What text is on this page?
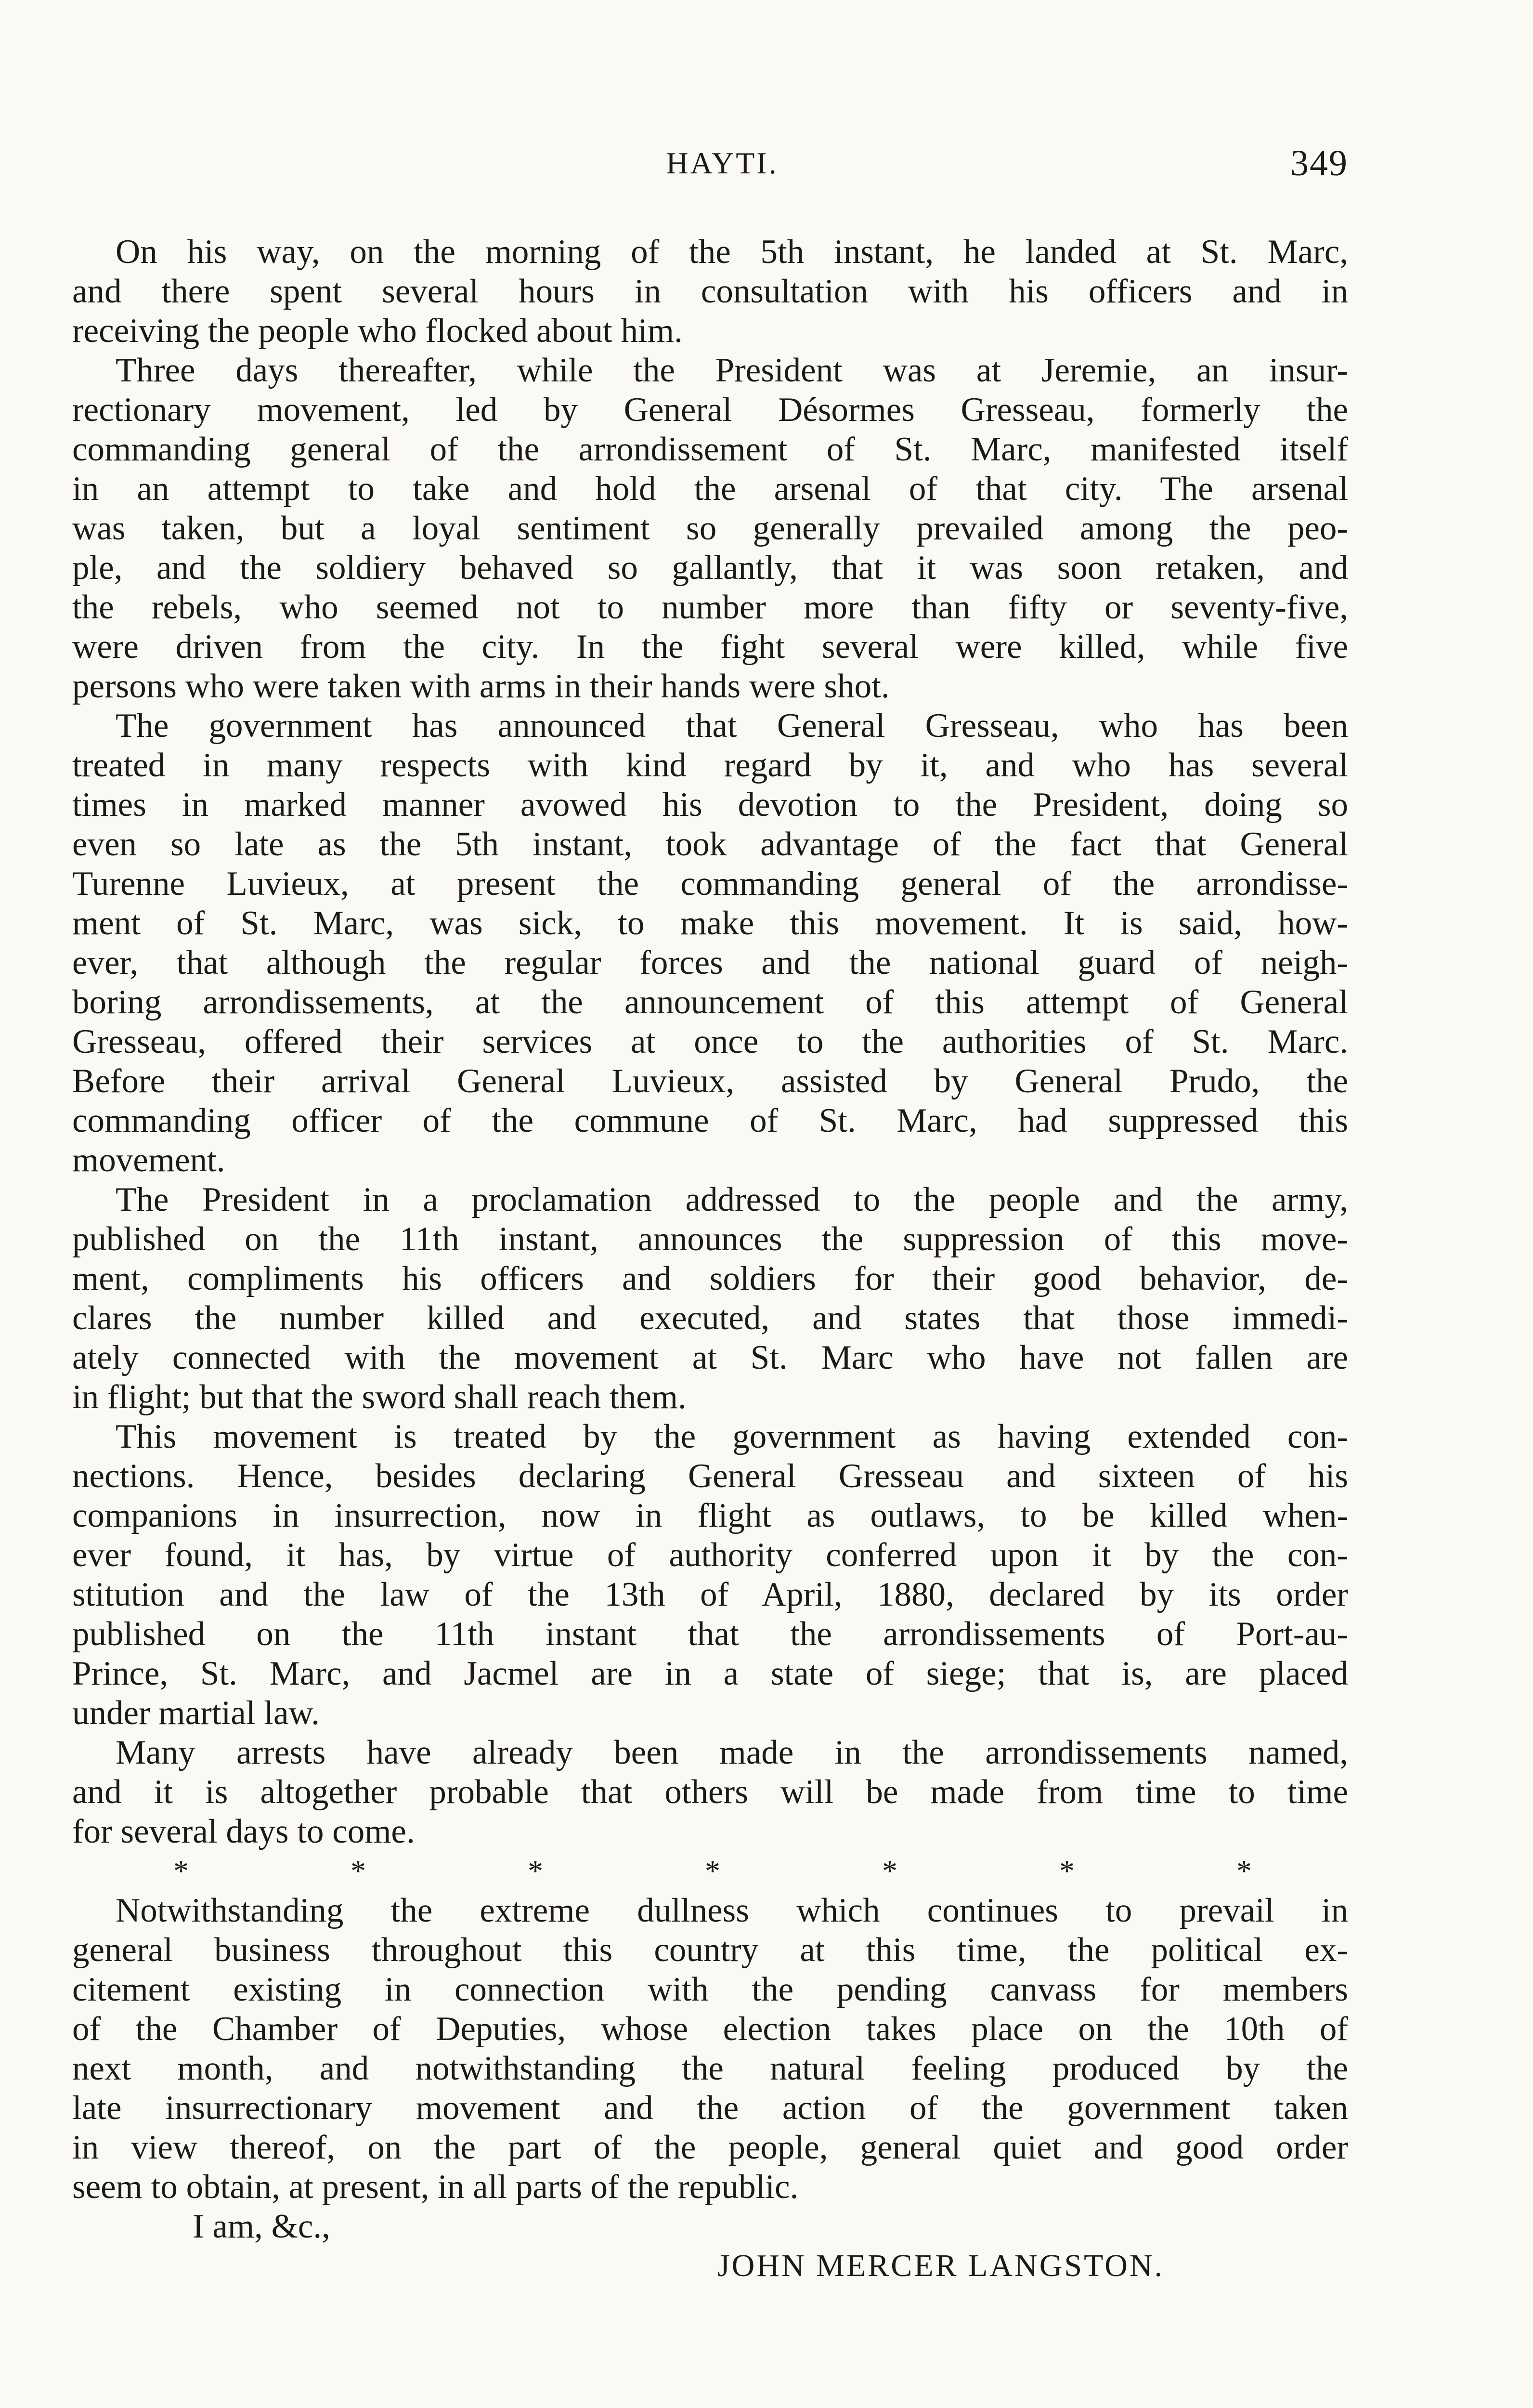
HAYTI.	349
On his way, on the morning of the 5th instant, he landed at St. Marc,
and there spent several hours in consultation with his officers and in
receiving the people who flocked about him.
Three days thereafter, while the President was at Jeremie, an insur-
rectionary movement, led by General Désormes Gresseau, formerly the
commanding general of the arrondissement of St. Marc, manifested itself
in an attempt to take and hold the arsenal of that city. The arsenal
was taken, but a loyal sentiment so generally prevailed among the peo-
ple, and the soldiery behaved so gallantly, that it was soon retaken, and
the rebels, who seemed not to number more than fifty or seventy-five,
were driven from the city. In the fight several were killed, while five
persons who were taken with arms in their hands were shot.
The government has announced that General Gresseau, who has been
treated in many respects with kind regard by it, and who has several
times in marked manner avowed his devotion to the President, doing so
even so late as the 5th instant, took advantage of the fact that General
Turenne Luvieux, at present the commanding general of the arrondisse-
ment of St. Marc, was sick, to make this movement. It is said, how-
ever, that although the regular forces and the national guard of neigh-
boring arrondissements, at the announcement of this attempt of General
Gresseau, offered their services at once to the authorities of St. Marc.
Before their arrival General Luvieux, assisted by General Prudo, the
commanding officer of the commune of St. Marc, had suppressed this
movement.
The President in a proclamation addressed to the people and the army,
published on the 11th instant, announces the suppression of this move-
ment, compliments his officers and soldiers for their good behavior, de-
clares the number killed and executed, and states that those immedi-
ately connected with the movement at St. Marc who have not fallen are
in flight; but that the sword shall reach them.
This movement is treated by the government as having extended con-
nections. Hence, besides declaring General Gresseau and sixteen of his
companions in insurrection, now in flight as outlaws, to be killed when-
ever found, it has, by virtue of authority conferred upon it by the con-
stitution and the law of the 13th of April, 1880, declared by its order
published on the 11th instant that the arrondissements of Port-au-
Prince, St. Marc, and Jacmel are in a state of siege; that is, are placed
under martial law.
Many arrests have already been made in the arrondissements named,
and it is altogether probable that others will be made from time to time
for several days to come.
*	*	*	*	*	*	*
Notwithstanding the extreme dullness which continues to prevail in
general business throughout this country at this time, the political ex-
citement existing in connection with the pending canvass for members
of the Chamber of Deputies, whose election takes place on the 10th of
next month, and notwithstanding the natural feeling produced by the
late insurrectionary movement and the action of the government taken
in view thereof, on the part of the people, general quiet and good order
seem to obtain, at present, in all parts of the republic.
I am, &c.,
JOHN MERCER LANGSTON.
